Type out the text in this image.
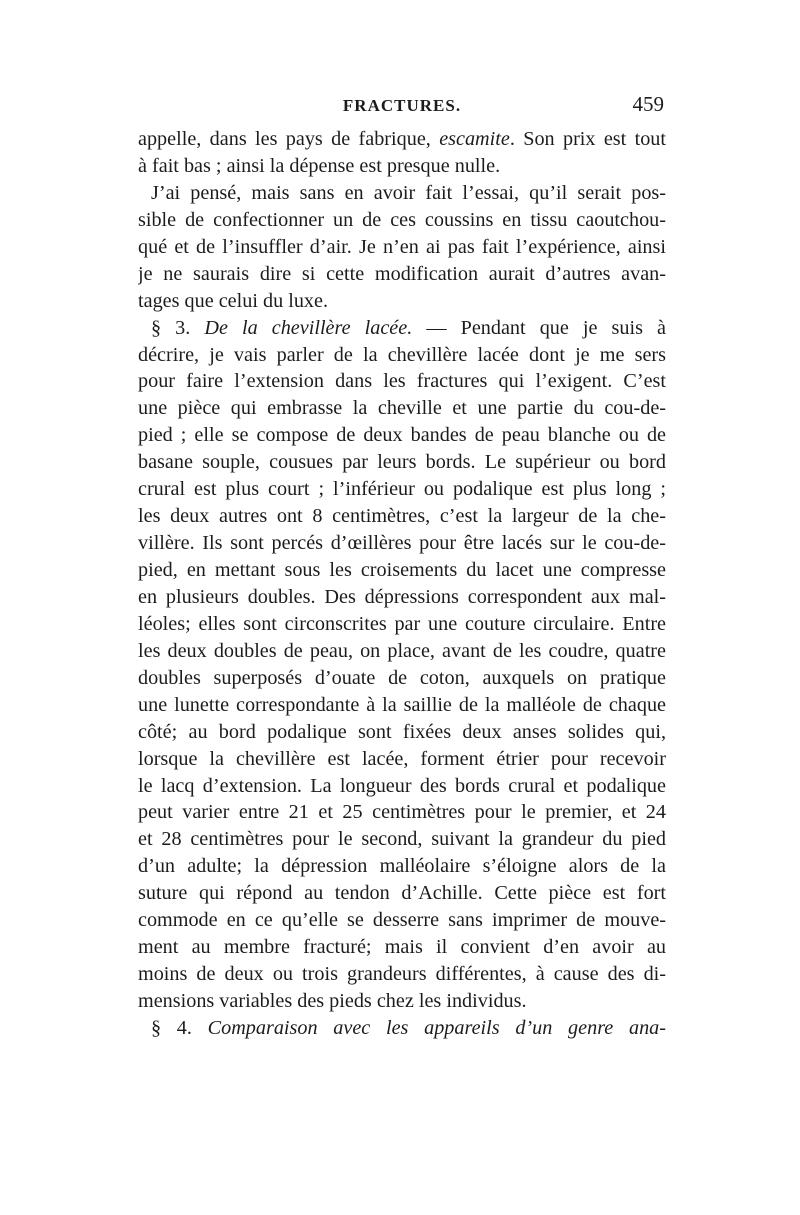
FRACTURES.	459
appelle, dans les pays de fabrique, escamite. Son prix est tout
à fait bas ; ainsi la dépense est presque nulle.
J’ai pensé, mais sans en avoir fait l’essai, qu’il serait pos-
sible de confectionner un de ces coussins en tissu caoutchou-
qué et de l’insuffler d’air. Je n’en ai pas fait l’expérience, ainsi
je ne saurais dire si cette modification aurait d’autres avan-
tages que celui du luxe.
§ 3. De la chevillère lacée. — Pendant que je suis à
décrire, je vais parler de la chevillère lacée dont je me sers
pour faire l’extension dans les fractures qui l’exigent. C’est
une pièce qui embrasse la cheville et une partie du cou-de-
pied ; elle se compose de deux bandes de peau blanche ou de
basane souple, cousues par leurs bords. Le supérieur ou bord
crural est plus court ; l’inférieur ou podalique est plus long ;
les deux autres ont 8 centimètres, c’est la largeur de la che-
villère. Ils sont percés d’œillères pour être lacés sur le cou-de-
pied, en mettant sous les croisements du lacet une compresse
en plusieurs doubles. Des dépressions correspondent aux mal-
léoles; elles sont circonscrites par une couture circulaire. Entre
les deux doubles de peau, on place, avant de les coudre, quatre
doubles superposés d’ouate de coton, auxquels on pratique
une lunette correspondante à la saillie de la malléole de chaque
côté; au bord podalique sont fixées deux anses solides qui,
lorsque la chevillère est lacée, forment étrier pour recevoir
le lacq d’extension. La longueur des bords crural et podalique
peut varier entre 21 et 25 centimètres pour le premier, et 24
et 28 centimètres pour le second, suivant la grandeur du pied
d’un adulte; la dépression malléolaire s’éloigne alors de la
suture qui répond au tendon d’Achille. Cette pièce est fort
commode en ce qu’elle se desserre sans imprimer de mouve-
ment au membre fracturé; mais il convient d’en avoir au
moins de deux ou trois grandeurs différentes, à cause des di-
mensions variables des pieds chez les individus.
§ 4. Comparaison avec les appareils d’un genre ana-
